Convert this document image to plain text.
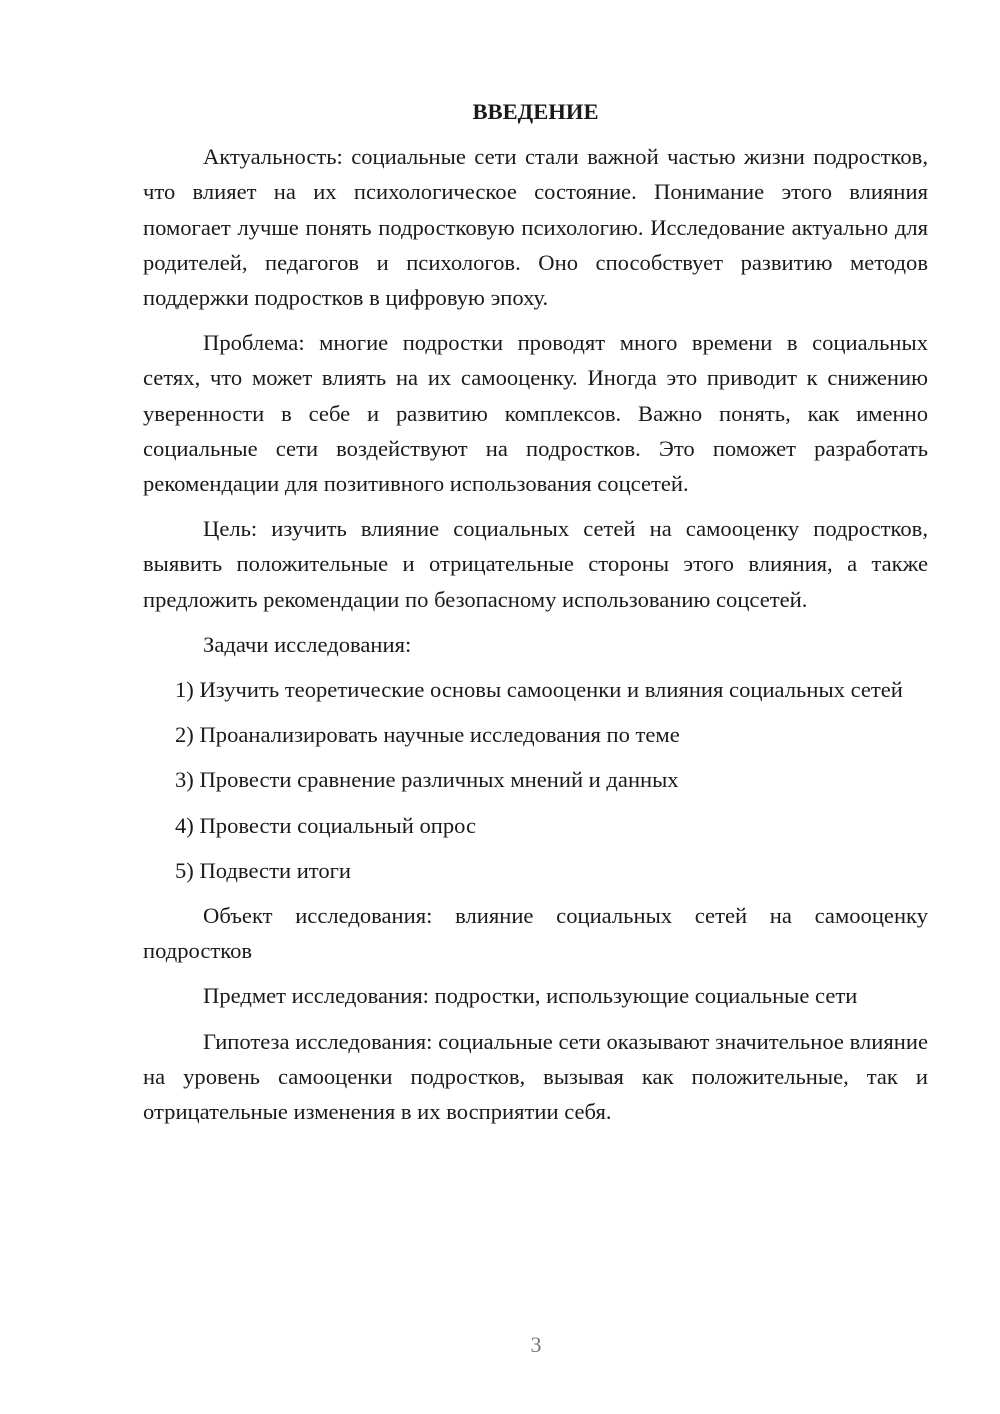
ВВЕДЕНИЕ

Актуальность: социальные сети стали важной частью жизни подростков, что влияет на их психологическое состояние. Понимание этого влияния помогает лучше понять подростковую психологию. Исследование актуально для родителей, педагогов и психологов. Оно способствует развитию методов поддержки подростков в цифровую эпоху.

Проблема: многие подростки проводят много времени в социальных сетях, что может влиять на их самооценку. Иногда это приводит к снижению уверенности в себе и развитию комплексов. Важно понять, как именно социальные сети воздействуют на подростков. Это поможет разработать рекомендации для позитивного использования соцсетей.

Цель: изучить влияние социальных сетей на самооценку подростков, выявить положительные и отрицательные стороны этого влияния, а также предложить рекомендации по безопасному использованию соцсетей.

Задачи исследования:

1) Изучить теоретические основы самооценки и влияния социальных сетей

2) Проанализировать научные исследования по теме

3) Провести сравнение различных мнений и данных

4) Провести социальный опрос

5) Подвести итоги

Объект исследования: влияние социальных сетей на самооценку подростков

Предмет исследования: подростки, использующие социальные сети

Гипотеза исследования: социальные сети оказывают значительное влияние на уровень самооценки подростков, вызывая как положительные, так и отрицательные изменения в их восприятии себя.

3
